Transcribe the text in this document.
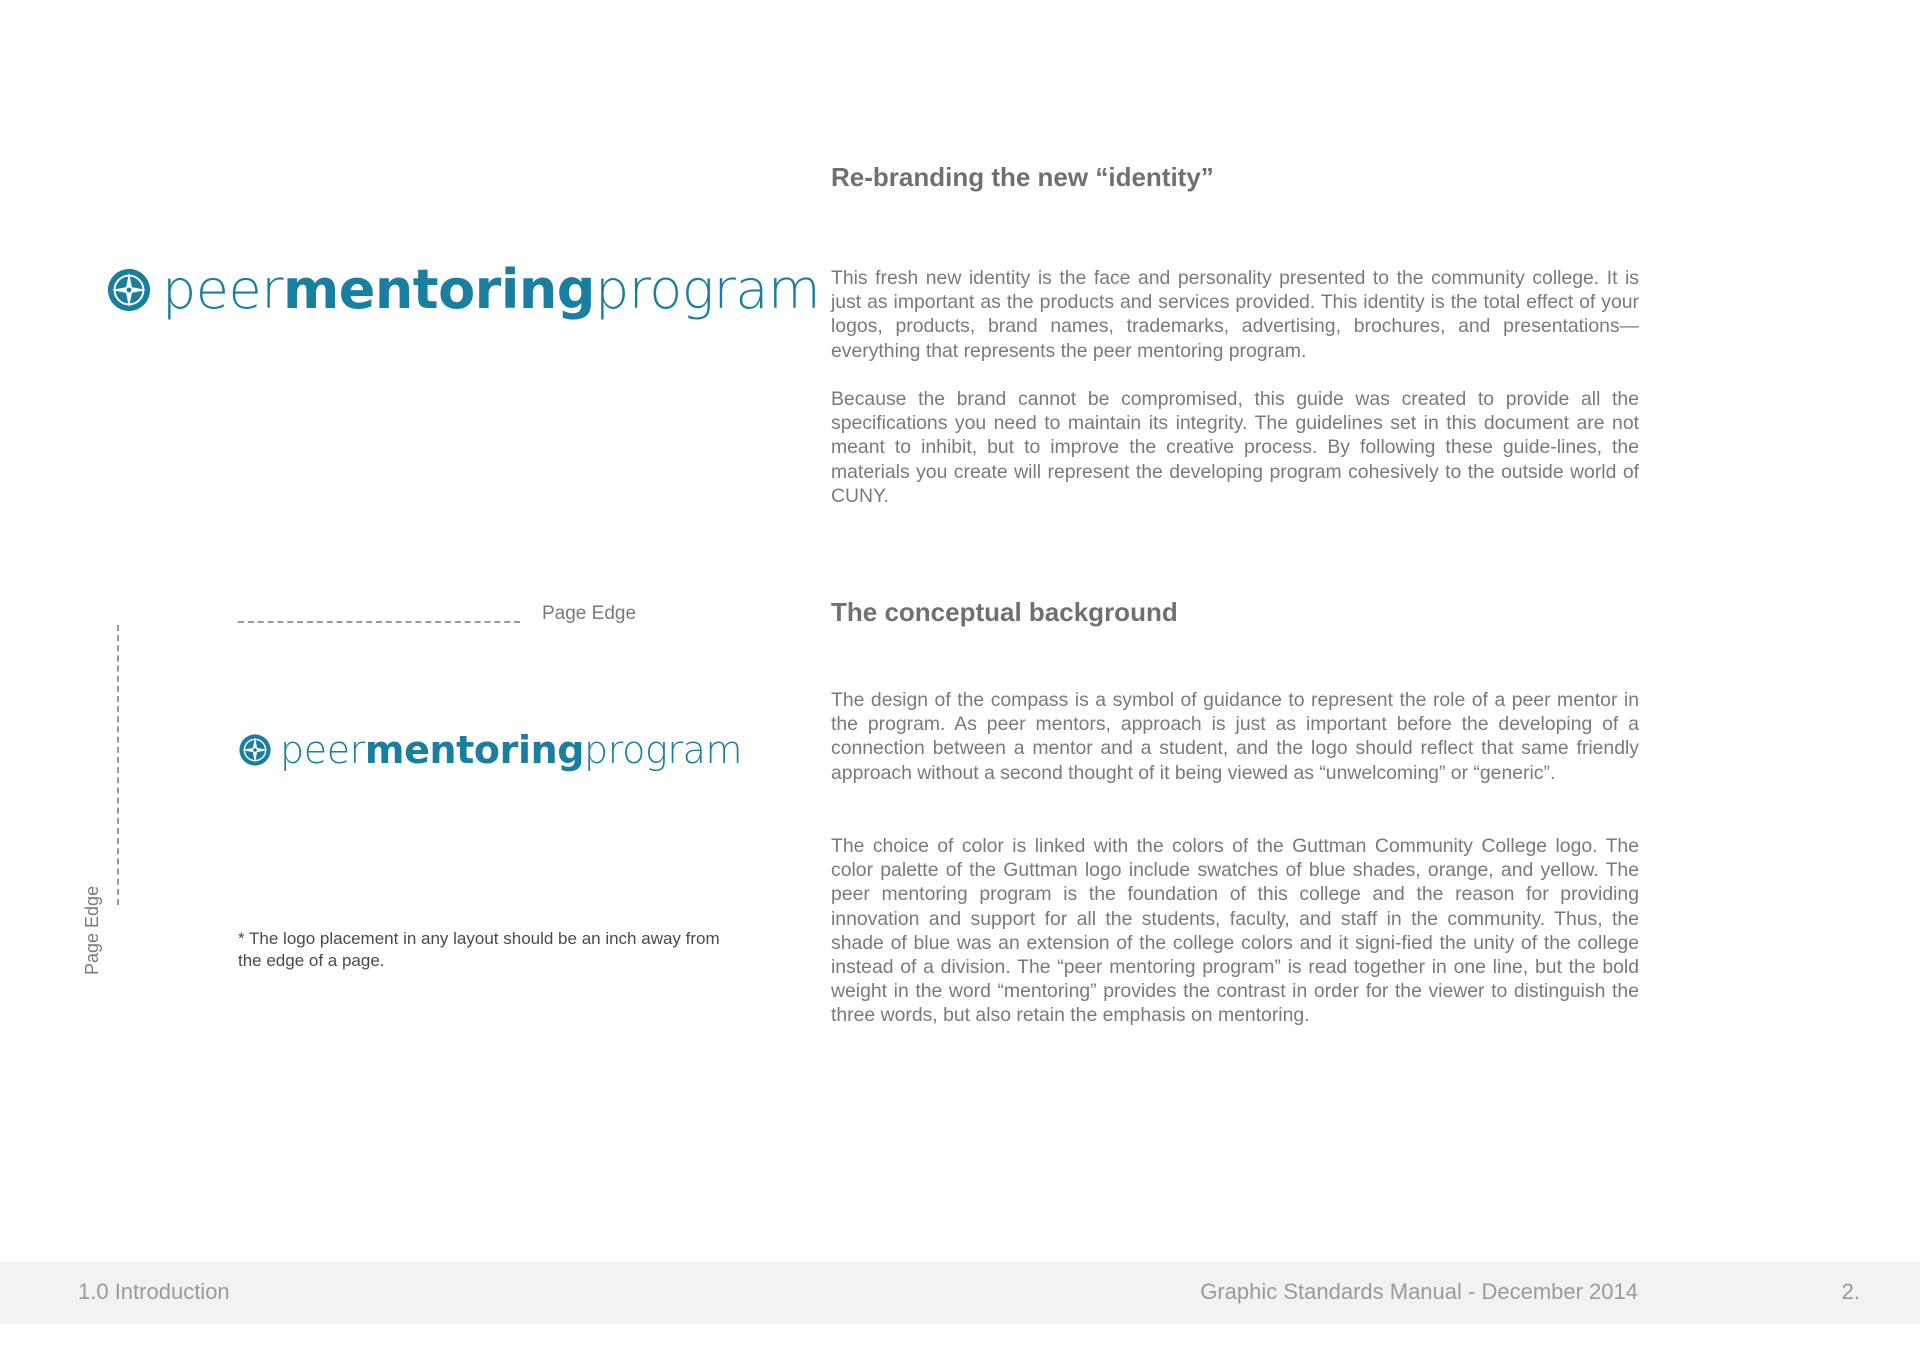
peer mentoring program
Page Edge
Page Edge
peer mentoring program
* The logo placement in any layout should be an inch away from the edge of a page.
Re-branding the new “identity”
This fresh new identity is the face and personality presented to the community college. It is just as important as the products and services provided. This identity is the total effect of your logos, products, brand names, trademarks, advertising, brochures, and presentations— everything that represents the peer mentoring program.
Because the brand cannot be compromised, this guide was created to provide all the specifications you need to maintain its integrity. The guidelines set in this document are not meant to inhibit, but to improve the creative process. By following these guide-lines, the materials you create will represent the developing program cohesively to the outside world of CUNY.
The conceptual background
The design of the compass is a symbol of guidance to represent the role of a peer mentor in the program. As peer mentors, approach is just as important before the developing of a connection between a mentor and a student, and the logo should reflect that same friendly approach without a second thought of it being viewed as “unwelcoming” or “generic”.
The choice of color is linked with the colors of the Guttman Community College logo. The color palette of the Guttman logo include swatches of blue shades, orange, and yellow. The peer mentoring program is the foundation of this college and the reason for providing innovation and support for all the students, faculty, and staff in the community. Thus, the shade of blue was an extension of the college colors and it signi-fied the unity of the college instead of a division. The “peer mentoring program” is read together in one line, but the bold weight in the word “mentoring” provides the contrast in order for the viewer to distinguish the three words, but also retain the emphasis on mentoring.
1.0 Introduction	Graphic Standards Manual - December 2014	2.
